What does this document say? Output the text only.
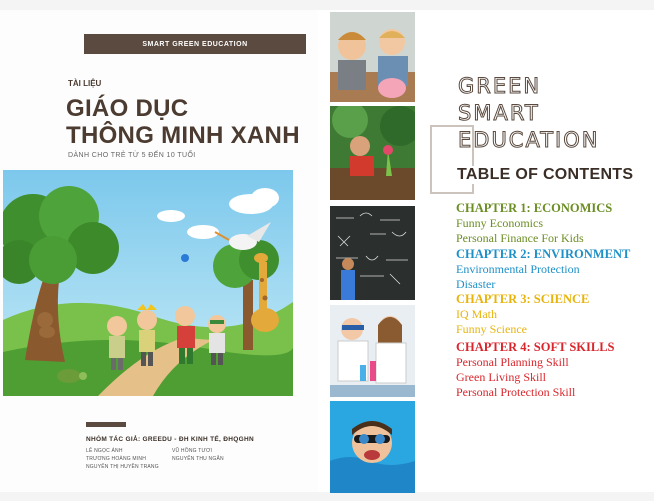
SMART GREEN EDUCATION
TÀI LIỆU
GIÁO DỤC
THÔNG MINH XANH
DÀNH CHO TRẺ TỪ 5 ĐẾN 10 TUỔI
NHÓM TÁC GIẢ: GREEDU - ĐH KINH TẾ, ĐHQGHN
LÊ NGỌC ÁNH
TRƯƠNG HOÀNG MINH
NGUYỄN THỊ HUYỀN TRANG
VŨ HỒNG TƯƠI
NGUYỄN THU NGÂN
GREEN
SMART
EDUCATION
TABLE OF CONTENTS
CHAPTER 1: ECONOMICS
Funny Economics
Personal Finance For Kids
CHAPTER 2: ENVIRONMENT
Environmental Protection
Disaster
CHAPTER 3: SCIENCE
IQ Math
Funny Science
CHAPTER 4: SOFT SKILLS
Personal Planning Skill
Green Living Skill
Personal Protection Skill
